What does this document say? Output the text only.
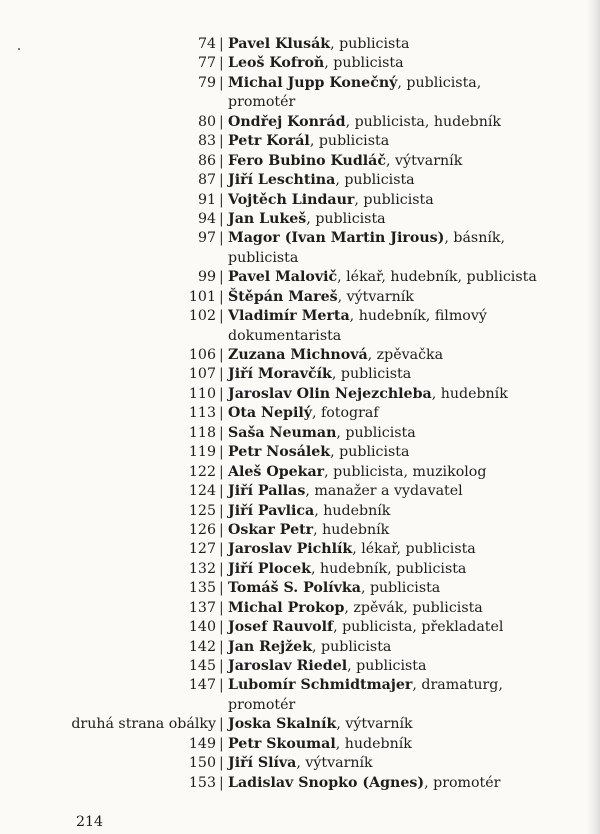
74 | Pavel Klusák, publicista
77 | Leoš Kofroň, publicista
79 | Michal Jupp Konečný, publicista,
promotér
80 | Ondřej Konrád, publicista, hudebník
83 | Petr Korál, publicista
86 | Fero Bubino Kudláč, výtvarník
87 | Jiří Leschtina, publicista
91 | Vojtěch Lindaur, publicista
94 | Jan Lukeš, publicista
97 | Magor (Ivan Martin Jirous), básník,
publicista
99 | Pavel Malovič, lékař, hudebník, publicista
101 | Štěpán Mareš, výtvarník
102 | Vladimír Merta, hudebník, filmový
dokumentarista
106 | Zuzana Michnová, zpěvačka
107 | Jiří Moravčík, publicista
110 | Jaroslav Olin Nejezchleba, hudebník
113 | Ota Nepilý, fotograf
118 | Saša Neuman, publicista
119 | Petr Nosálek, publicista
122 | Aleš Opekar, publicista, muzikolog
124 | Jiří Pallas, manažer a vydavatel
125 | Jiří Pavlica, hudebník
126 | Oskar Petr, hudebník
127 | Jaroslav Pichlík, lékař, publicista
132 | Jiří Plocek, hudebník, publicista
135 | Tomáš S. Polívka, publicista
137 | Michal Prokop, zpěvák, publicista
140 | Josef Rauvolf, publicista, překladatel
142 | Jan Rejžek, publicista
145 | Jaroslav Riedel, publicista
147 | Lubomír Schmidtmajer, dramaturg,
promotér
druhá strana obálky | Joska Skalník, výtvarník
149 | Petr Skoumal, hudebník
150 | Jiří Slíva, výtvarník
153 | Ladislav Snopko (Agnes), promotér
214
